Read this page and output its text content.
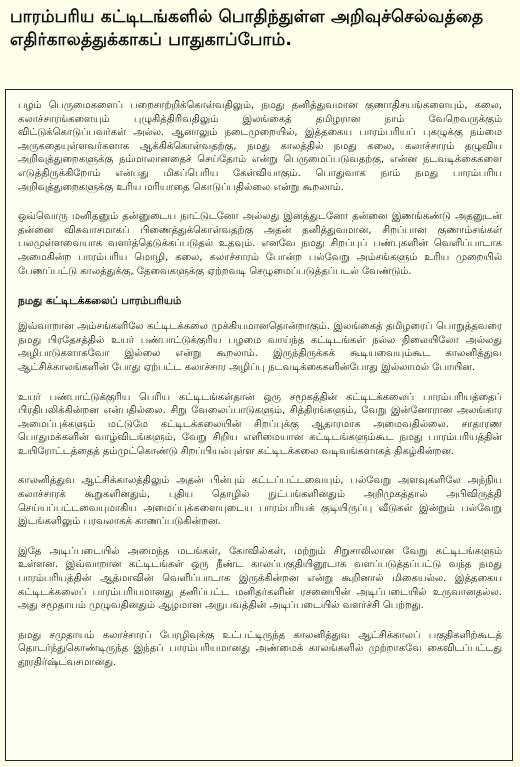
பாரம்பரிய கட்டிடங்களில் பொதிந்துள்ள அறிவுச்செல்வத்தை எதிர்காலத்துக்காகப் பாதுகாப்போம்.

பழம் பெருமைகளைப் பறைசாற்றிக்கொள்வதிலும், நமது தனித்துவமான குணாதிசயங்களையும், கலை, கலாச்சாரங்களையும் புழுகித்திரிவதிலும் இலங்கைத் தமிழரான நாம் வேறெவருக்கும் விட்டுக்கொடுப்பவர்கள் அல்ல. ஆனாலும் நடைமுறையில், இத்தகைய பாரம்பரியப் புகழுக்கு நம்மை அருகதையுள்ளவர்களாக ஆக்கிக்கொள்வதற்கு, நமது காலத்தில் நமது கலை, கலாச்சாரம் தழுவிய அறிவுத்துறைகளுக்கு நம்மாலானதைச் செய்தோம் என்று பெருமைப்படுவதற்கு, என்ன நடவடிக்கைகளை எடுத்திருக்கிறோம் என்பது மிகப்பெரிய கேள்வியாகும். பொதுவாக நாம் நமது பாரம்பரிய அறிவுத்துறைகளுக்கு உரிய மரியாதை கொடுப்பதில்லை என்று கூறலாம்.

ஒவ்வொரு மனிதனும் தன்னுடைய நாட்டுடனோ அல்லது இனத்துடனோ தன்னை இணங்கண்டு அதனுடன் தன்னை விசுவாசமாகப் பிணைத்துக்கொள்வதற்கு அதன் தனித்துவமான, சிறப்பான குணாம்சங்கள் பலமுள்ளவையாக வளர்த்தெடுக்கப்படுதல் உதவும். எனவே நமது சிறப்புப் பண்புகளின் வெளிப்பாடாக அமைகின்ற பாரம்பரிய மொழி, கலை, கலாச்சாரம் போன்ற பல்வேறு அம்சங்களும் உரிய முறையில் பேணப்பட்டு காலத்துக்கு, தேவைகளுக்கு ஏற்றவடி செழுமைப்படுத்தப்படல் வேண்டும்.

நமது கட்டிடக்கலைப் பாரம்பரியம்

இவ்வாறான அம்சங்களிலே கட்டிடக்கலை முக்கியமானதொன்றாகும். இலங்கைத் தமிழரைப் பொறுத்தவரை நமது பிரதேசத்தில் உயர் பண்பாட்டுக்குரிய பழமை வாய்ந்த கட்டிடங்கள் நல்ல நிலையிலோ அல்லது அழிபாடுகளாகவோ இல்லை என்று கூறலாம். இருந்திருக்கக் கூடியவையும்கூட காலனித்துவ ஆட்சிக்காலங்களின் போது ஏற்பட்ட கலாச்சார அழிப்பு நடவடிக்கைகளின்போது இல்லாமல் போயின.

உயர் பண்பாட்டுக்குரிய பெரிய கட்டிடங்கள்தான் ஒரு சமூகத்தின் கட்டிடக்கலைப் பாரம்பரியத்தைப் பிரதிபலிக்கின்றன என்பதில்லை. சிறு வேலைப்பாடுகளும், சித்திரங்களும், வேறு இன்னோரான அலங்கார அமைப்புக்களும் மட்டுமே கட்டிடக்கலையின் சிறப்புக்கு ஆதாரமாக அமைவதில்லை. சாதாரண பொதுமக்களின் வாழ்விடங்களும், வேறு சிறிய எளிமையான கட்டிடங்களும்கூட நமது பாரம்பரியத்தின் உயிரோட்டத்தைத் தம்முட்கொண்டு சிறப்பியல்புள்ள கட்டிடக்கலை வடிவங்களாகத் திகழ்கின்றன.

காலனித்துவ ஆட்சிக்காலத்திலும் அதன் பின்பும் கட்டப்பட்டவையும், பல்வேறு அளவுகளிலே அந்நிய கலாச்சாரக் கூறுகளினதும், புதிய தொழில் நுட்பங்களினதும் அறிமுகத்தால் அபிவிருத்தி செய்யப்பட்டவையுமாகிய அமைப்புக்களையுடைய பாரம்பரியக் குடியிருப்பு வீடுகள் இன்றும் பல்வேறு இடங்களிலும் பரவலாகக் காணப்படுகின்றன.

இதே அடிப்படையில் அமைந்த மடங்கள், கோவில்கள், மற்றும் சிறுசாலிலான வேறு கட்டிடங்களும் உள்ளன. இவ்வாறான கட்டிடங்கள் ஒரு நீண்ட காலப்பகுதியினூடாக வளப்படுத்தப்பட்டு வந்த நமது பாரம்பரியத்தின் ஆத்மாவின் வெளிப்பாடாக இருக்கின்றன என்று கூறினால் மிகையல்ல. இத்தகைய கட்டிடக்கலைப் பாரம்பரியமானது தனிப்பட்ட மனிதர்களின் ரசனையின் அடிப்படையில் உருவானதல்ல. அது சமூதாயம் முழுவதினதும் ஆழமான அநுபவத்தின் அடிப்படையில் வளர்ச்சி பெற்றது.

நமது சமுதாயம் கலாச்சாரப் பேரழிவுக்கு உட்பட்டிருந்த காலனித்துவ ஆட்சிக்காலப் பகுதிகளிற்கூடத் தொடர்ந்துகொண்டிருந்த இந்தப் பாரம்பரியமானது அண்மைக் காலங்களில் முற்றாகவே கைவிடப்பட்டது தூரதிர்ஷ்டவசமானது.
